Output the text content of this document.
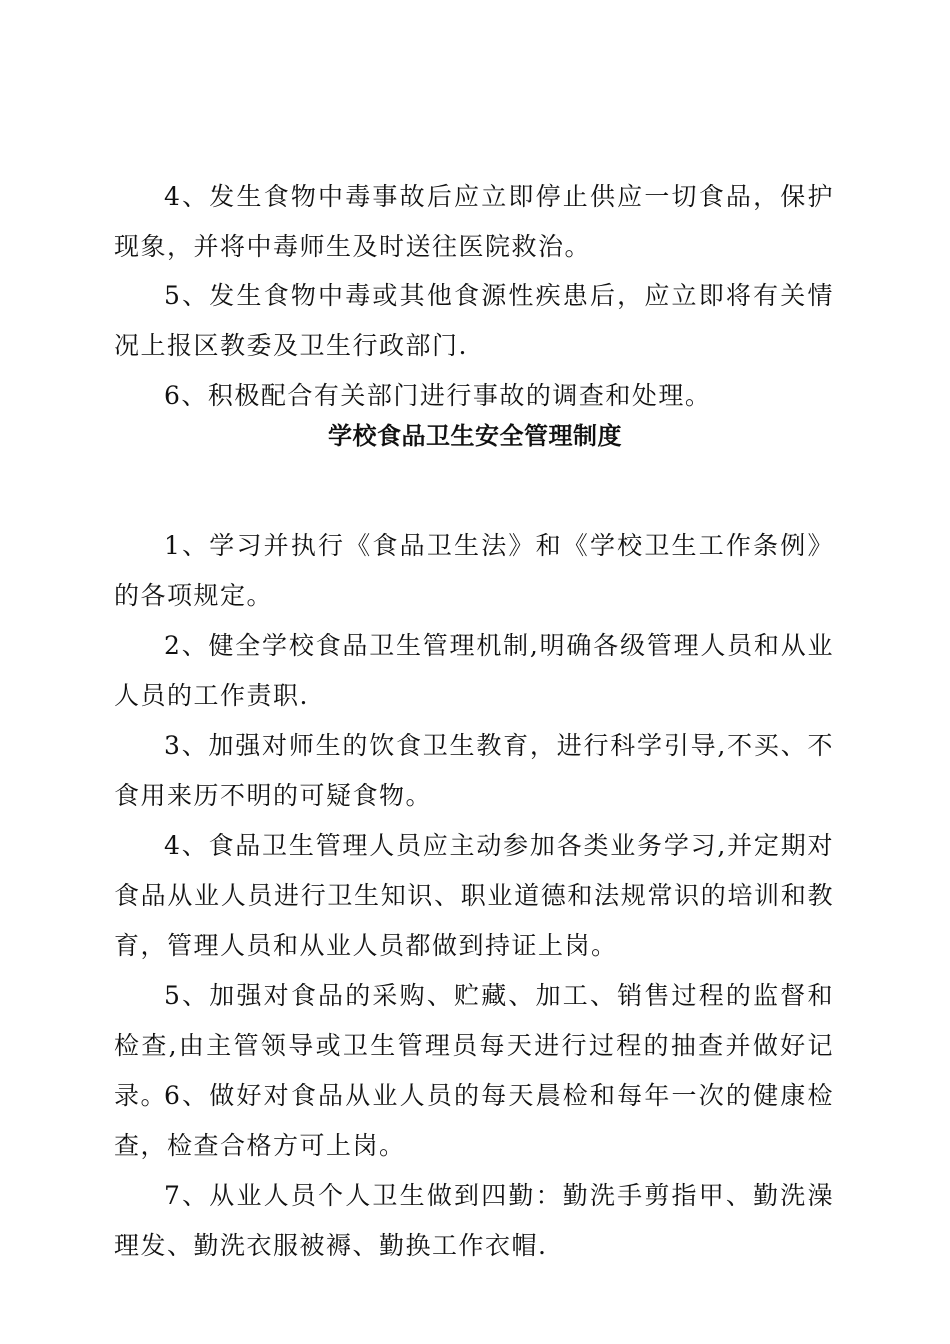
4、发生食物中毒事故后应立即停止供应一切食品，保护现象，并将中毒师生及时送往医院救治。

5、发生食物中毒或其他食源性疾患后，应立即将有关情况上报区教委及卫生行政部门.

6、积极配合有关部门进行事故的调查和处理。

学校食品卫生安全管理制度

1、学习并执行《食品卫生法》和《学校卫生工作条例》的各项规定。

2、健全学校食品卫生管理机制,明确各级管理人员和从业人员的工作责职.

3、加强对师生的饮食卫生教育，进行科学引导,不买、不食用来历不明的可疑食物。

4、食品卫生管理人员应主动参加各类业务学习,并定期对食品从业人员进行卫生知识、职业道德和法规常识的培训和教育，管理人员和从业人员都做到持证上岗。

5、加强对食品的采购、贮藏、加工、销售过程的监督和检查,由主管领导或卫生管理员每天进行过程的抽查并做好记录。

6、做好对食品从业人员的每天晨检和每年一次的健康检查，检查合格方可上岗。

7、从业人员个人卫生做到四勤：勤洗手剪指甲、勤洗澡理发、勤洗衣服被褥、勤换工作衣帽.
